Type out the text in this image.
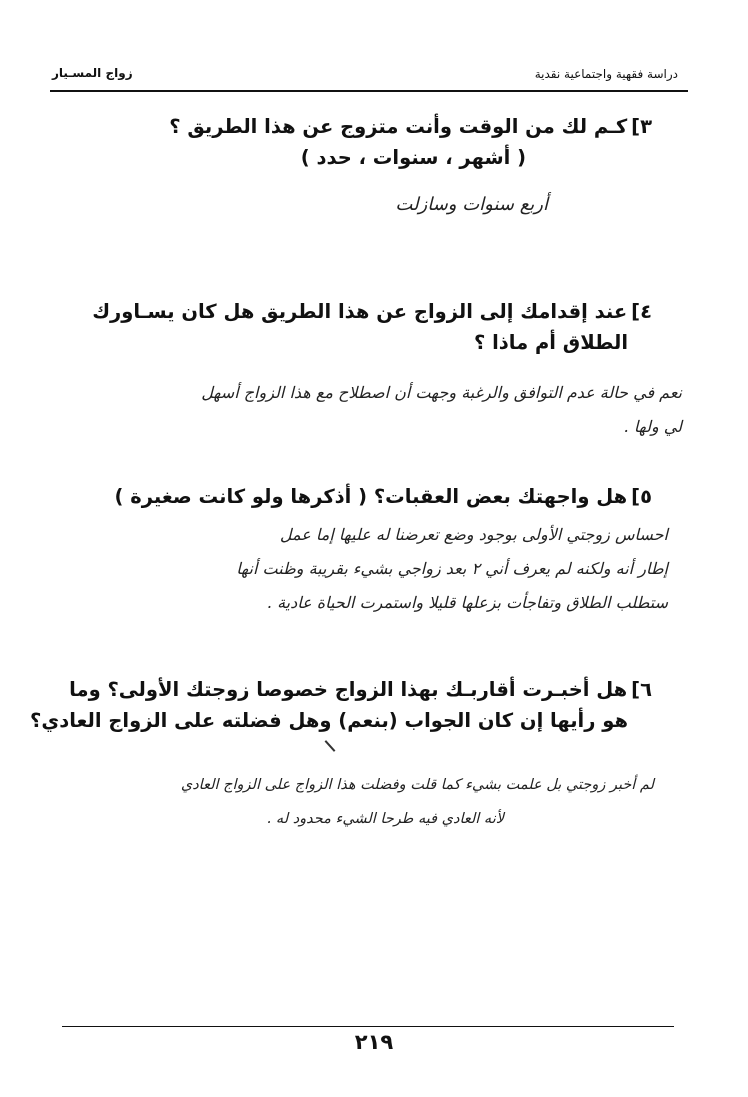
زواج المسـيار	دراسة فقهية واجتماعية نقدية
٣]كـم لك من الوقت وأنت متزوج عن هذا الطريق ؟
( أشهر ، سنوات ، حدد )
أربع سنوات وسازلت
٤]عند إقدامك إلى الزواج عن هذا الطريق هل كان يسـاورك
الطلاق أم ماذا ؟
نعم في حالة عدم التوافق والرغبة وجهت أن اصطلاح مع هذا الزواج أسهل
لي ولها .
٥]هل واجهتك بعض العقبات؟ ( أذكرها ولو كانت صغيرة )
احساس زوجتي الأولى بوجود وضع تعرضنا له عليها إما عمل
إطار أنه ولكنه لم يعرف أني ٢ بعد زواجي بشيء بقريبة وظنت أنها
ستطلب الطلاق وتفاجأت بزعلها قليلا واستمرت الحياة عادية .
٦]هل أخبـرت أقاربـك بهذا الزواج خصوصا زوجتك الأولى؟ وما
هو رأيها إن كان الجواب (بنعم) وهل فضلته على الزواج العادي؟
لم أخبر زوجتي بل علمت بشيء كما قلت وفضلت هذا الزواج على الزواج العادي
لأنه العادي فيه طرحا الشيء محدود له .
٢١٩
